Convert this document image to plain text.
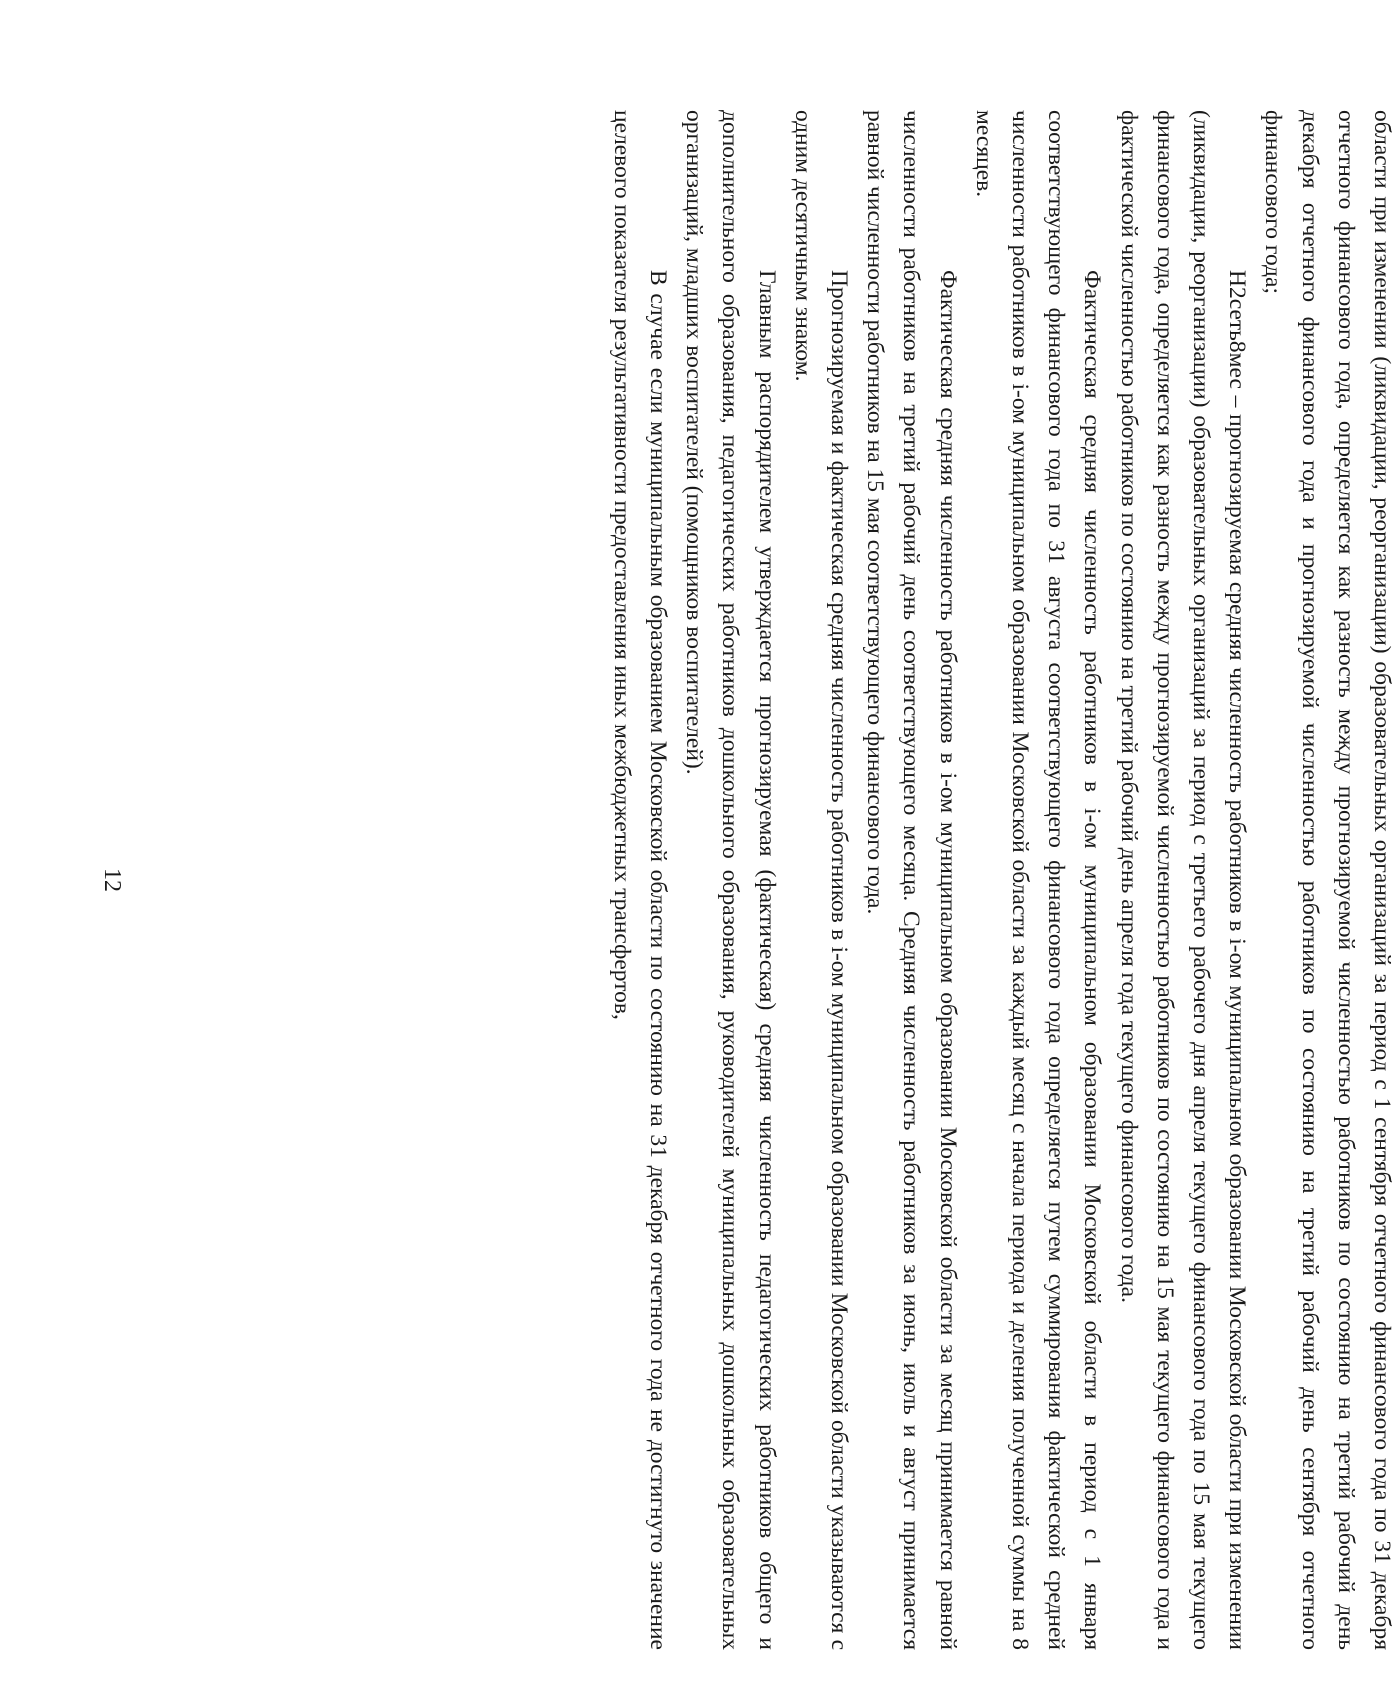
12	области при изменении (ликвидации, реорганизации) образовательных организаций за период с 1 сентября отчетного финансового года по 31 декабря отчетного финансового года, определяется как разность между прогнозируемой численностью работников по состоянию на третий рабочий день декабря отчетного финансового года и прогнозируемой численностью работников по состоянию на третий рабочий день сентября отчетного финансового года;

Н2сеть8мес – прогнозируемая средняя численность работников в i-ом муниципальном образовании Московской области при изменении (ликвидации, реорганизации) образовательных организаций за период с третьего рабочего дня апреля текущего финансового года по 15 мая текущего финансового года, определяется как разность между прогнозируемой численностью работников по состоянию на 15 мая текущего финансового года и фактической численностью работников по состоянию на третий рабочий день апреля года текущего финансового года.

Фактическая средняя численность работников в i-ом муниципальном образовании Московской области в период с 1 января соответствующего финансового года по 31 августа соответствующего финансового года определяется путем суммирования фактической средней численности работников в i-ом муниципальном образовании Московской области за каждый месяц с начала периода и деления полученной суммы на 8 месяцев.

Фактическая средняя численность работников в i-ом муниципальном образовании Московской области за месяц принимается равной численности работников на третий рабочий день соответствующего месяца. Средняя численность работников за июнь, июль и август принимается равной численности работников на 15 мая соответствующего финансового года.

Прогнозируемая и фактическая средняя численность работников в i-ом муниципальном образовании Московской области указываются с одним десятичным знаком.

Главным распорядителем утверждается прогнозируемая (фактическая) средняя численность педагогических работников общего и дополнительного образования, педагогических работников дошкольного образования, руководителей муниципальных дошкольных образовательных организаций, младших воспитателей (помощников воспитателей).

В случае если муниципальным образованием Московской области по состоянию на 31 декабря отчетного года не достигнуто значение целевого показателя результативности предоставления иных межбюджетных трансфертов,
